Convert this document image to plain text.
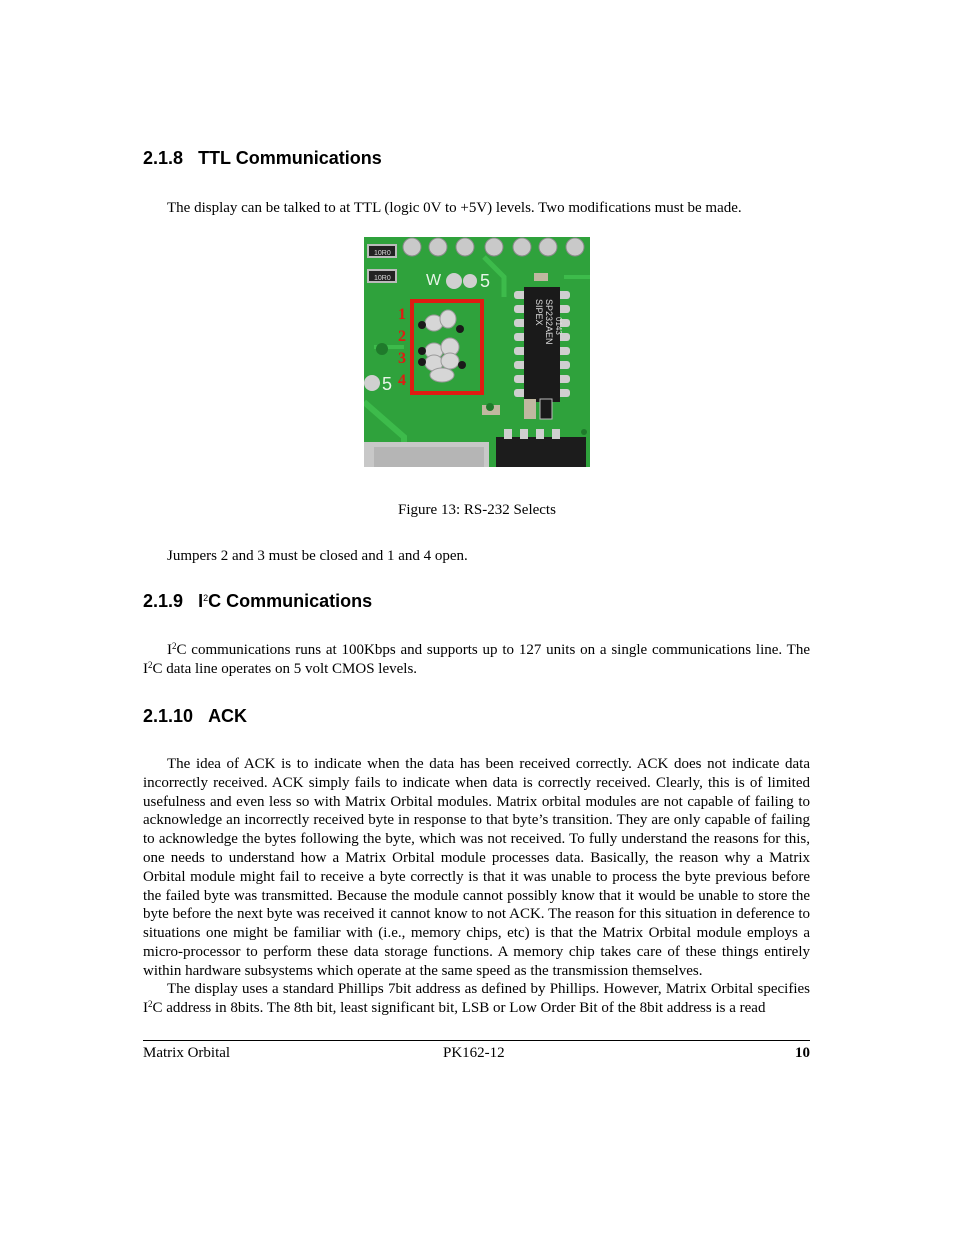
2.1.8 TTL Communications

The display can be talked to at TTL (logic 0V to +5V) levels. Two modifications must be made.

10R0
10R0 W 5
SIPEX SP232AEN 0143
5
1
2
3
4
Figure 13: RS-232 Selects

Jumpers 2 and 3 must be closed and 1 and 4 open.

2.1.9 $I^2C$ Communications

$I^2C$ communications runs at 100Kbps and supports up to 127 units on a single communications line. The $I^2C$ data line operates on 5 volt CMOS levels.

2.1.10 ACK

The idea of ACK is to indicate when the data has been received correctly. ACK does not indicate data incorrectly received. ACK simply fails to indicate when data is correctly received. Clearly, this is of limited usefulness and even less so with Matrix Orbital modules. Matrix orbital modules are not capable of failing to acknowledge an incorrectly received byte in response to that byte’s transition. They are only capable of failing to acknowledge the bytes following the byte, which was not received. To fully understand the reasons for this, one needs to understand how a Matrix Orbital module processes data. Basically, the reason why a Matrix Orbital module might fail to receive a byte correctly is that it was unable to process the byte previous before the failed byte was transmitted. Because the module cannot possibly know that it would be unable to store the byte before the next byte was received it cannot know to not ACK. The reason for this situation in deference to situations one might be familiar with (i.e., memory chips, etc) is that the Matrix Orbital module employs a micro-processor to perform these data storage functions. A memory chip takes care of these things entirely within hardware subsystems which operate at the same speed as the transmission themselves.

The display uses a standard Phillips 7bit address as defined by Phillips. However, Matrix Orbital specifies $I^2C$ address in 8bits. The 8th bit, least significant bit, LSB or Low Order Bit of the 8bit address is a read

Matrix Orbital	PK162-12	10
